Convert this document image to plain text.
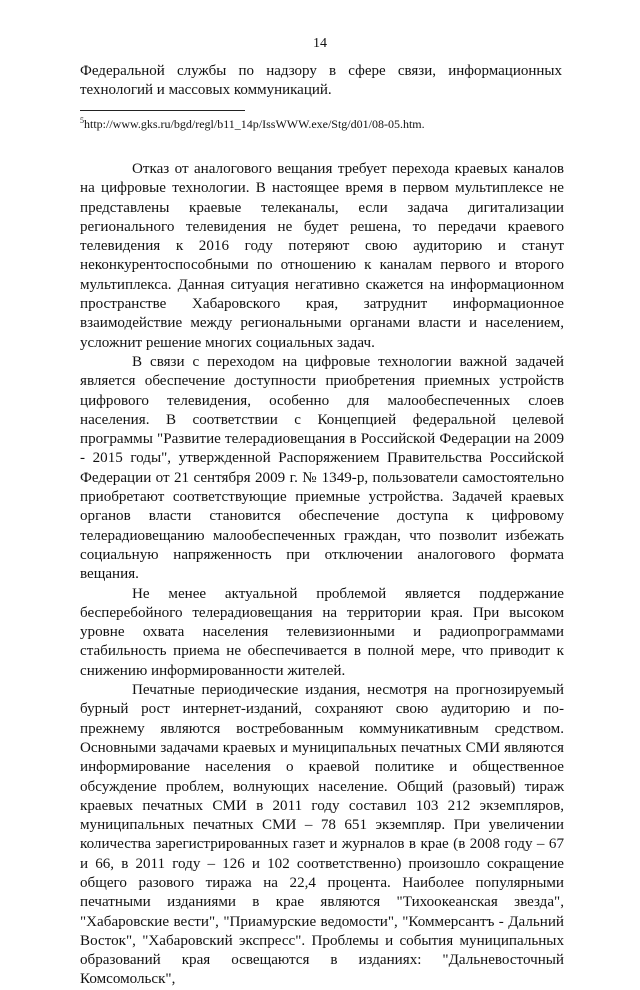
14

Федеральной службы по надзору в сфере связи, информационных технологий и массовых коммуникаций.

$^5$http://www.gks.ru/bgd/regl/b11_14p/IssWWW.exe/Stg/d01/08-05.htm.

Отказ от аналогового вещания требует перехода краевых каналов на цифровые технологии. В настоящее время в первом мультиплексе не представлены краевые телеканалы, если задача дигитализации регионального телевидения не будет решена, то передачи краевого телевидения к 2016 году потеряют свою аудиторию и станут неконкурентоспособными по отношению к каналам первого и второго мультиплекса. Данная ситуация негативно скажется на информационном пространстве Хабаровского края, затруднит информационное взаимодействие между региональными органами власти и населением, усложнит решение многих социальных задач.

В связи с переходом на цифровые технологии важной задачей является обеспечение доступности приобретения приемных устройств цифрового телевидения, особенно для малообеспеченных слоев населения. В соответствии с Концепцией федеральной целевой программы "Развитие телерадиовещания в Российской Федерации на 2009 - 2015 годы", утвержденной Распоряжением Правительства Российской Федерации от 21 сентября 2009 г. № 1349-р, пользователи самостоятельно приобретают соответствующие приемные устройства. Задачей краевых органов власти становится обеспечение доступа к цифровому телерадиовещанию малообеспеченных граждан, что позволит избежать социальную напряженность при отключении аналогового формата вещания.

Не менее актуальной проблемой является поддержание бесперебойного телерадиовещания на территории края. При высоком уровне охвата населения телевизионными и радиопрограммами стабильность приема не обеспечивается в полной мере, что приводит к снижению информированности жителей.

Печатные периодические издания, несмотря на прогнозируемый бурный рост интернет-изданий, сохраняют свою аудиторию и по-прежнему являются востребованным коммуникативным средством. Основными задачами краевых и муниципальных печатных СМИ являются информирование населения о краевой политике и общественное обсуждение проблем, волнующих население. Общий (разовый) тираж краевых печатных СМИ в 2011 году составил 103 212 экземпляров, муниципальных печатных СМИ – 78 651 экземпляр. При увеличении количества зарегистрированных газет и журналов в крае (в 2008 году – 67 и 66, в 2011 году – 126 и 102 соответственно) произошло сокращение общего разового тиража на 22,4 процента. Наиболее популярными печатными изданиями в крае являются "Тихоокеанская звезда", "Хабаровские вести", "Приамурские ведомости", "Коммерсантъ - Дальний Восток", "Хабаровский экспресс". Проблемы и события муниципальных образований края освещаются в изданиях: "Дальневосточный Комсомольск",
